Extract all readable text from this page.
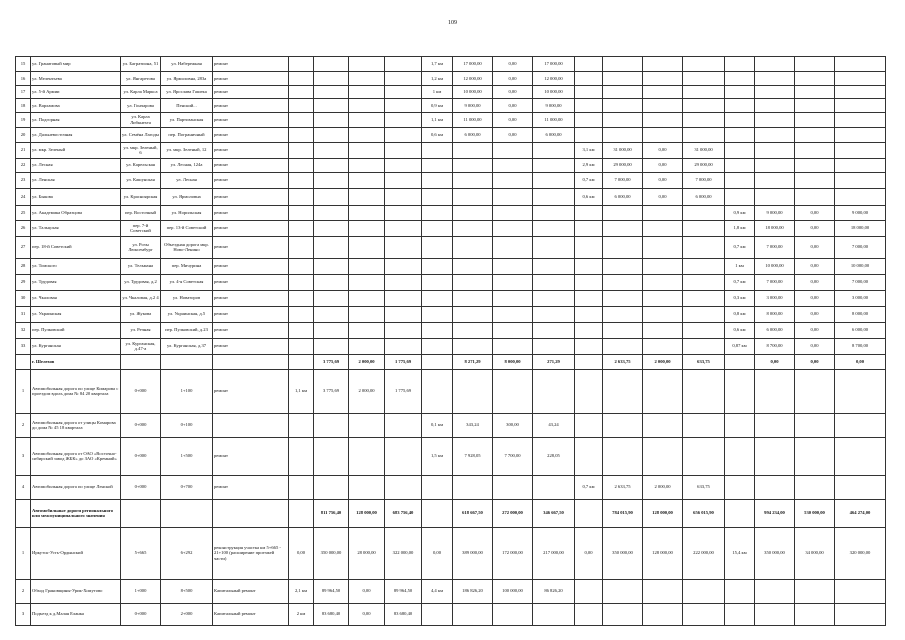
109
15	ул. Гранатовый мир	ул. Багратиона, 51	ул. Набережная	ремонт					1,7 км	17 000,00	0,00	17 000,00								
16	ул. Мелентьева	ул. Янгаретова	ул. Ярмоловна, 283а	ремонт					1,2 км	12 000,00	0,00	12 000,00								
17	ул. 5-й Армии	ул. Карла Маркса	ул. Ярослава Гашека	ремонт					1 км	10 000,00	0,00	10 000,00								
18	ул. Варламова	ул. Гончарова	Пенский...	ремонт					0,9 км	9 000,00	0,00	9 000,00								
19	ул. Подгорная	ул. Карла Либкнехта	ул. Партизанская	ремонт					1,1 км	11 000,00	0,00	11 000,00								
20	ул. Дальневосточная	ул. Семёна Лагоды	пер. Пограничный	ремонт					0,6 км	6 000,00	0,00	6 000,00								
21	ул. мкр. Зеленый	ул. мкр. Зеленый, 6	ул. мкр. Зеленый, 12	ремонт									3,1 км	31 000,00	0,00	31 000,00				
22	ул. Лесная	ул. Карельская	ул. Лесная, 124а	ремонт									2,9 км	29 000,00	0,00	29 000,00				
23	ул. Ленская	ул. Кашунская	ул. Лесная	ремонт									0,7 км	7 000,00	0,00	7 000,00				
24	ул. Быкова	ул. Красноярская	ул. Ярмоловна	ремонт									0,6 км	6 000,00	0,00	6 000,00				
25	ул. Академика Образцова	пер. Восточный	ул. Норильская	ремонт													0,9 км	9 000,00	0,00	9 000,00
26	ул. Тальцская	пер. 7-й Советский	пер. 13-й Советский	ремонт													1,8 км	18 000,00	0,00	18 000,00
27	пер. 18-й Советский	ул. Розы Люксембург	Объездная дорога мкр. Ново-Ленино	ремонт													0,7 км	7 000,00	0,00	7 000,00
28	ул. Томского	ул. Тельмана	пер. Мичурина	ремонт													1 км	10 000,00	0,00	10 000,00
29	ул. Трудовая	ул. Трудовая, д.2	ул. 4-я Советская	ремонт													0,7 км	7 000,00	0,00	7 000,00
30	ул. Чкаловая	ул. Чкаловая, д.2 4	ул. Новаторов	ремонт													0,3 км	3 000,00	0,00	3 000,00
31	ул. Украинская	ул. Жукова	ул. Украинская, д.5	ремонт													0,8 км	8 000,00	0,00	8 000,00
32	пер. Пулковский	ул. Речная	пер. Пулковский, д.23	ремонт													0,6 км	6 000,00	0,00	6 000,00
33	ул. Курганская	ул. Курганская, д.47-а	ул. Курганская, д.37	ремонт													0,87 км	8 700,00	0,00	8 700,00
	г. Шелехов					3 775,69	2 000,00	1 775,69		8 271,29	8 000,00	271,29		2 633,75	2 000,00	633,75		0,00	0,00	0,00
1	Автомобильная дорога по улице Комарова с проездом вдоль дома № 84 20 квартала	0+000	1+100	ремонт	1,1 км	3 775,69	2 000,00	1 775,69												
2	Автомобильная дорога от улицы Комарова до дома № 45 18 квартала	0+000	0+100						0,1 км	343,24	300,00	43,24								
3	Автомобильная дорога от ОАО «Восточно-сибирский завод ЖБК» до ЗАО «Кремний»	0+000	1+500	ремонт					1,5 км	7 928,05	7 700,00	228,05								
4	Автомобильная дорога по улице Ленской	0+000	0+700	ремонт									0,7 км	2 633,75	2 000,00	633,75				
	Автомобильные дороги регионального или межмуниципального значения					811 756,40	128 000,00	683 756,40		618 667,50	272 000,00	346 667,50		784 015,90	128 000,00	656 015,90		994 234,00	530 000,00	464 274,00
1	Иркутск-Усть-Ордынский	5+665	6+292	реконструкция участка км 5+665 - 21+100 (расширение проезжей части)	0,00	350 000,00	28 000,00	322 000,00	0,00	389 000,00	172 000,00	217 000,00	0,00	350 000,00	128 000,00	222 000,00	15,4 км	350 000,00	34 000,00	320 000,00
2	Обход Грановщины-Урик-Хомутово	1+000	8+500	Капитальный ремонт	2,1 км	89 964,50	0,00	89 964,50	4,4 км	186 826,20	100 000,00	86 826,20								
3	Подъезд к д.Малая Еланка	0+000	2+000	Капитальный ремонт	2 км	83 680,40	0,00	83 680,40												
